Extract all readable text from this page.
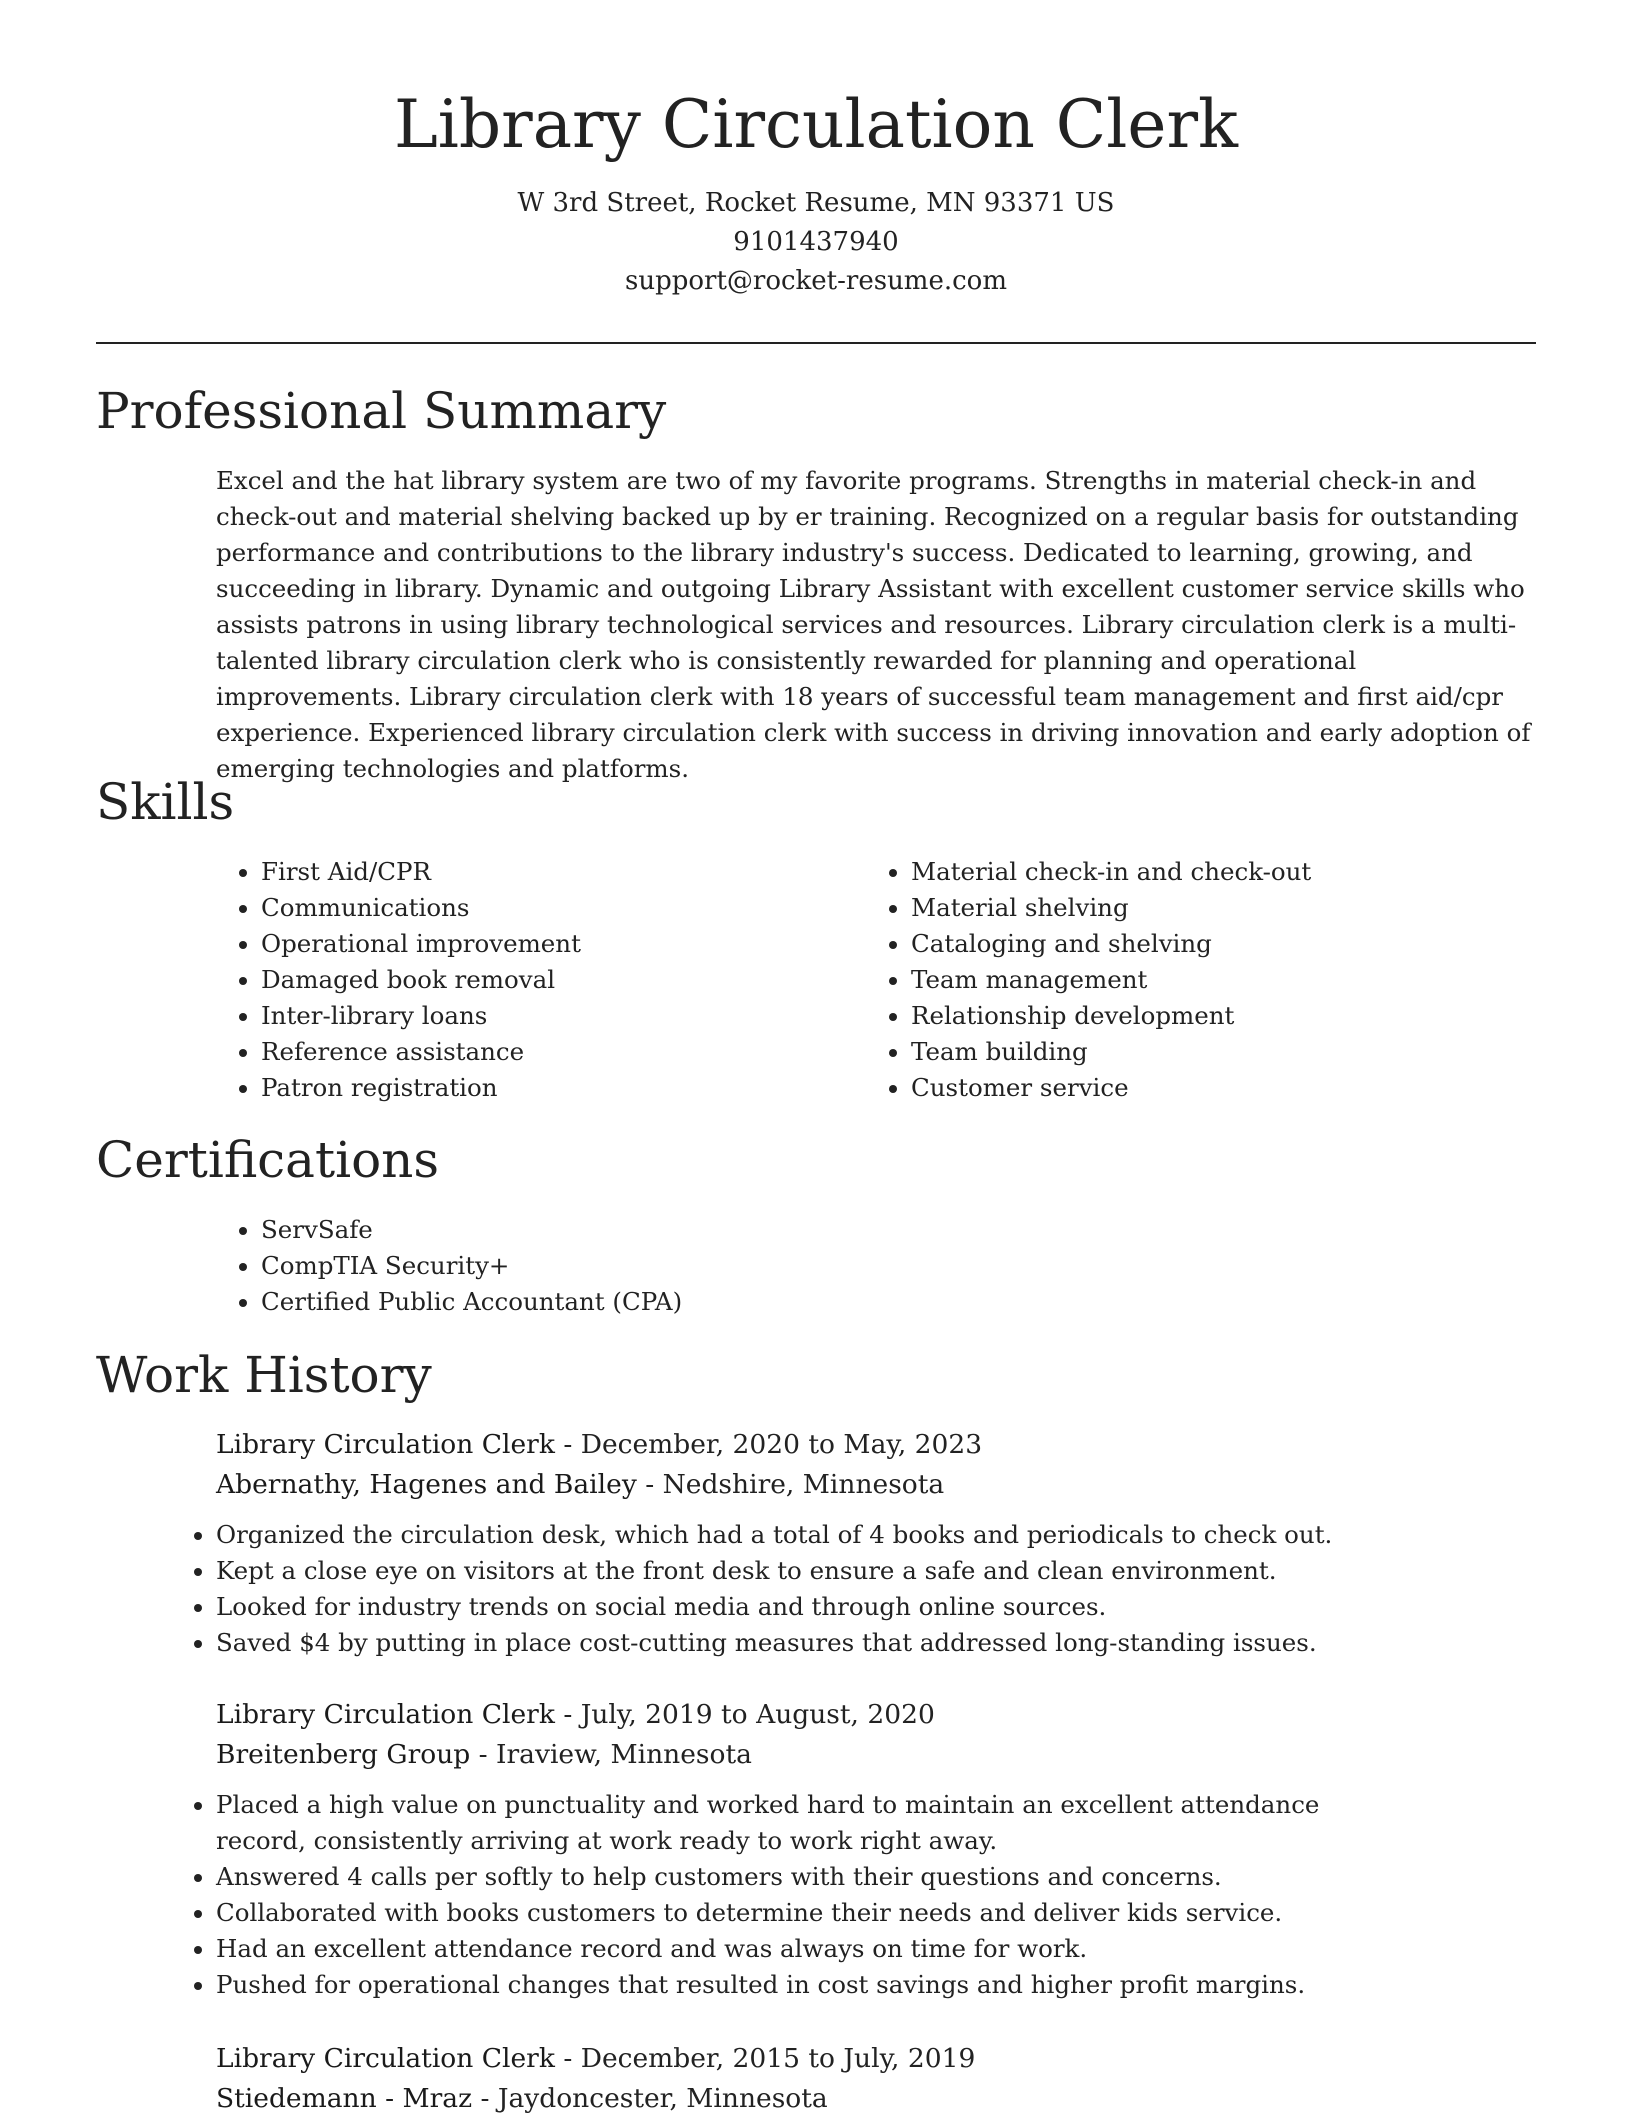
Library Circulation Clerk
W 3rd Street, Rocket Resume, MN 93371 US
9101437940
support@rocket-resume.com
Professional Summary

Excel and the hat library system are two of my favorite programs. Strengths in material check-in and check-out and material shelving backed up by er training. Recognized on a regular basis for outstanding performance and contributions to the library industry's success. Dedicated to learning, growing, and succeeding in library. Dynamic and outgoing Library Assistant with excellent customer service skills who assists patrons in using library technological services and resources. Library circulation clerk is a multi-talented library circulation clerk who is consistently rewarded for planning and operational improvements. Library circulation clerk with 18 years of successful team management and first aid/cpr experience. Experienced library circulation clerk with success in driving innovation and early adoption of emerging technologies and platforms.

Skills
• First Aid/CPR
• Communications
• Operational improvement
• Damaged book removal
• Inter-library loans
• Reference assistance
• Patron registration
• Material check-in and check-out
• Material shelving
• Cataloging and shelving
• Team management
• Relationship development
• Team building
• Customer service
Certifications
• ServSafe
• CompTIA Security+
• Certified Public Accountant (CPA)
Work History
Library Circulation Clerk - December, 2020 to May, 2023
Abernathy, Hagenes and Bailey - Nedshire, Minnesota
• Organized the circulation desk, which had a total of 4 books and periodicals to check out.
• Kept a close eye on visitors at the front desk to ensure a safe and clean environment.
• Looked for industry trends on social media and through online sources.
• Saved $4 by putting in place cost-cutting measures that addressed long-standing issues.
Library Circulation Clerk - July, 2019 to August, 2020
Breitenberg Group - Iraview, Minnesota
• Placed a high value on punctuality and worked hard to maintain an excellent attendance record, consistently arriving at work ready to work right away.
• Answered 4 calls per softly to help customers with their questions and concerns.
• Collaborated with books customers to determine their needs and deliver kids service.
• Had an excellent attendance record and was always on time for work.
• Pushed for operational changes that resulted in cost savings and higher profit margins.
Library Circulation Clerk - December, 2015 to July, 2019
Stiedemann - Mraz - Jaydoncester, Minnesota
